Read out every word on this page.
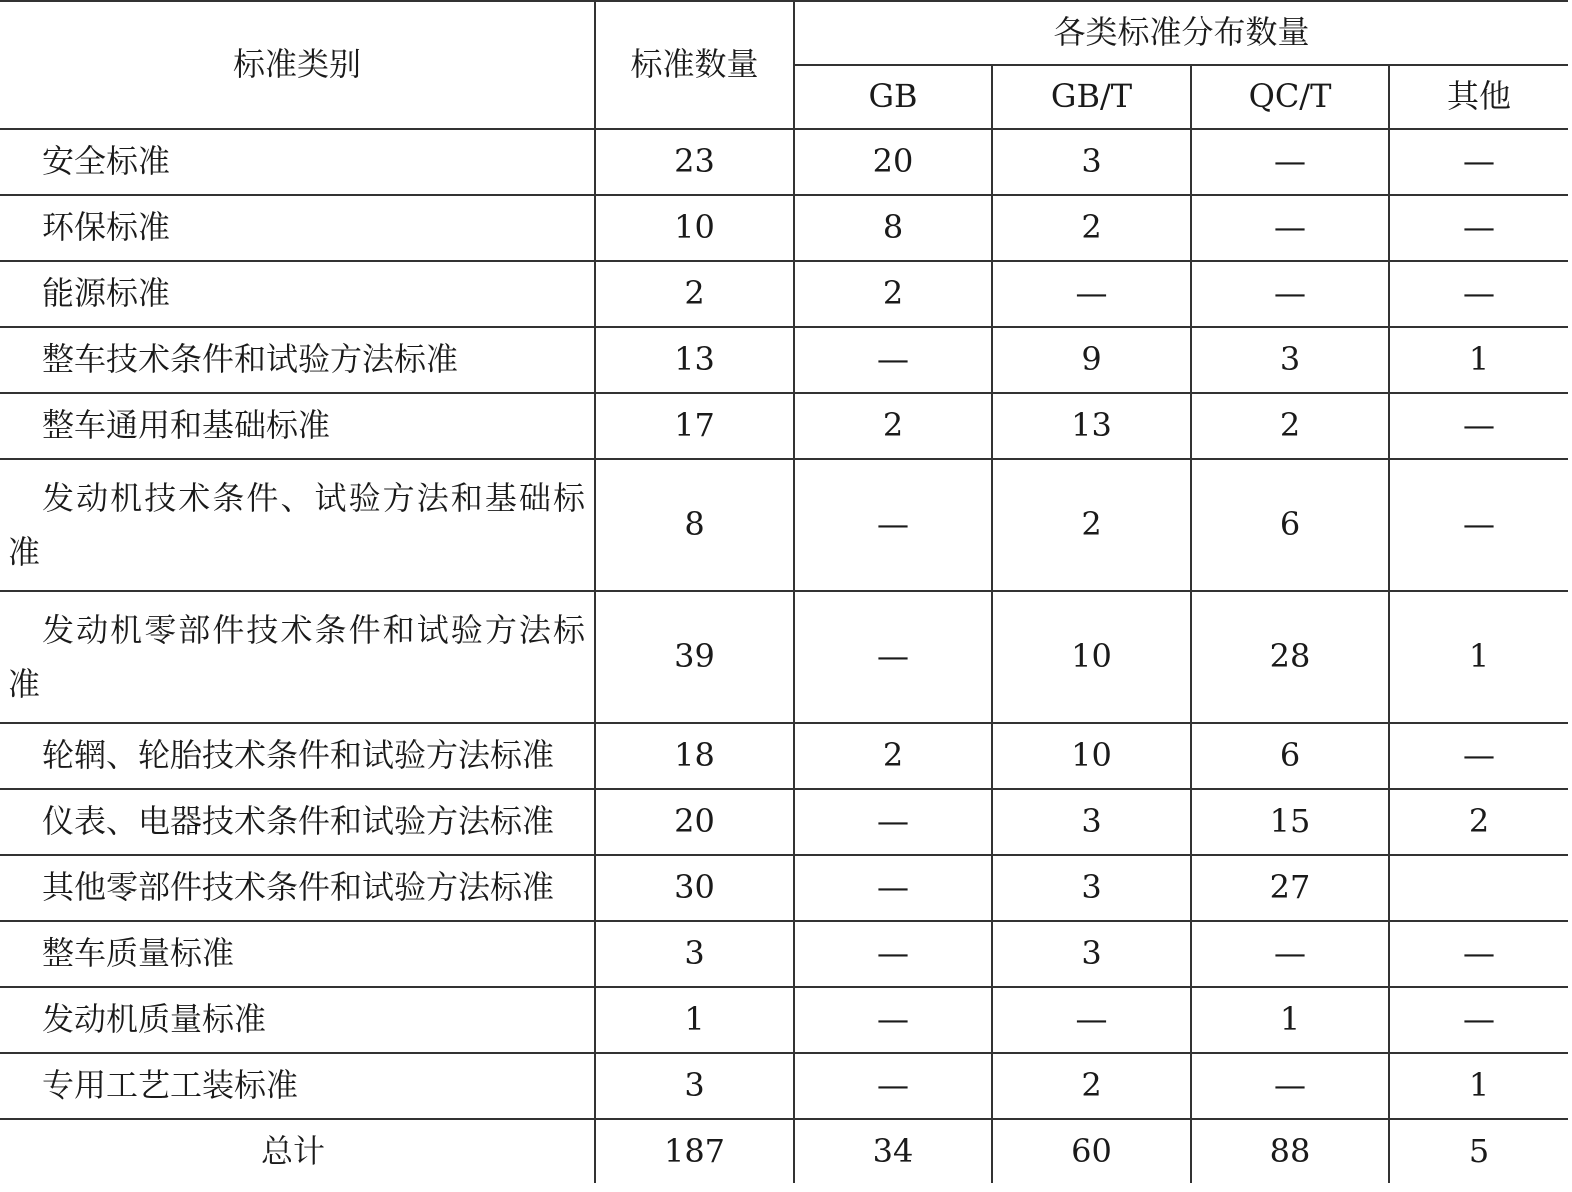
标准类别	标准数量	各类标准分布数量			
		GB	GB/T	QC/T	其他
安全标准	23	20	3	—	—
环保标准	10	8	2	—	—
能源标准	2	2	—	—	—
整车技术条件和试验方法标准	13	—	9	3	1
整车通用和基础标准	17	2	13	2	—
发动机技术条件、试验方法和基础标准	8	—	2	6	—
发动机零部件技术条件和试验方法标准	39	—	10	28	1
轮辋、轮胎技术条件和试验方法标准	18	2	10	6	—
仪表、电器技术条件和试验方法标准	20	—	3	15	2
其他零部件技术条件和试验方法标准	30	—	3	27	
整车质量标准	3	—	3	—	—
发动机质量标准	1	—	—	1	—
专用工艺工装标准	3	—	2	—	1
总计	187	34	60	88	5
